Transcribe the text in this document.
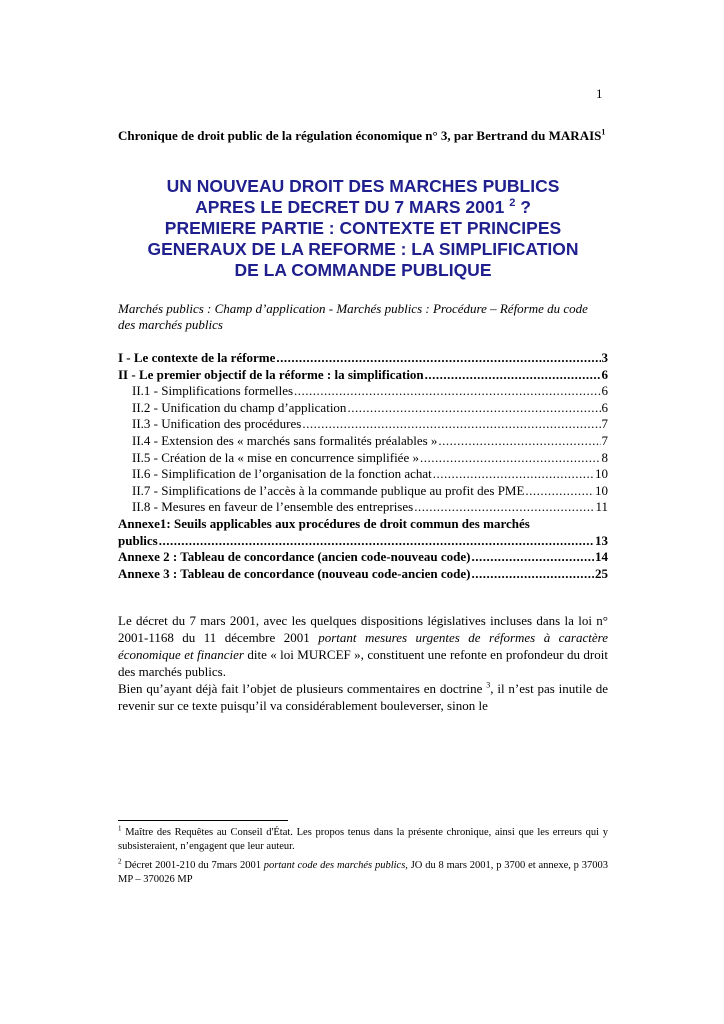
1
Chronique de droit public de la régulation économique n° 3, par Bertrand du MARAIS$^1$
UN NOUVEAU DROIT DES MARCHES PUBLICS
APRES LE DECRET DU 7 MARS 2001 $^2$ ?
PREMIERE PARTIE : CONTEXTE ET PRINCIPES
GENERAUX DE LA REFORME : LA SIMPLIFICATION
DE LA COMMANDE PUBLIQUE
Marchés publics : Champ d’application - Marchés publics : Procédure – Réforme du code des marchés publics
I - Le contexte de la réforme .....	3
II - Le premier objectif de la réforme : la simplification .....	6
II.1 - Simplifications formelles .....	6
II.2 - Unification du champ d’application .....	6
II.3 - Unification des procédures .....	7
II.4 - Extension des « marchés sans formalités préalables » .....	7
II.5 - Création de la « mise en concurrence simplifiée » .....	8
II.6 - Simplification de l’organisation de la fonction achat .....	10
II.7 - Simplifications de l’accès à la commande publique au profit des PME .....	10
II.8 - Mesures en faveur de l’ensemble des entreprises .....	11
Annexe1: Seuils applicables aux procédures de droit commun des marchés
publics .....	13
Annexe 2 : Tableau de concordance (ancien code-nouveau code) .....	14
Annexe 3 : Tableau de concordance (nouveau code-ancien code) .....	25

Le décret du 7 mars 2001, avec les quelques dispositions législatives incluses dans la loi n° 2001-1168 du 11 décembre 2001 portant mesures urgentes de réformes à caractère économique et financier dite « loi MURCEF », constituent une refonte en profondeur du droit des marchés publics.

Bien qu’ayant déjà fait l’objet de plusieurs commentaires en doctrine $^3$, il n’est pas inutile de revenir sur ce texte puisqu’il va considérablement bouleverser, sinon le

$^1$ Maître des Requêtes au Conseil d'État. Les propos tenus dans la présente chronique, ainsi que les erreurs qui y subsisteraient, n’engagent que leur auteur.

$^2$ Décret 2001-210 du 7mars 2001 portant code des marchés publics, JO du 8 mars 2001, p 3700 et annexe, p 37003 MP – 370026 MP
